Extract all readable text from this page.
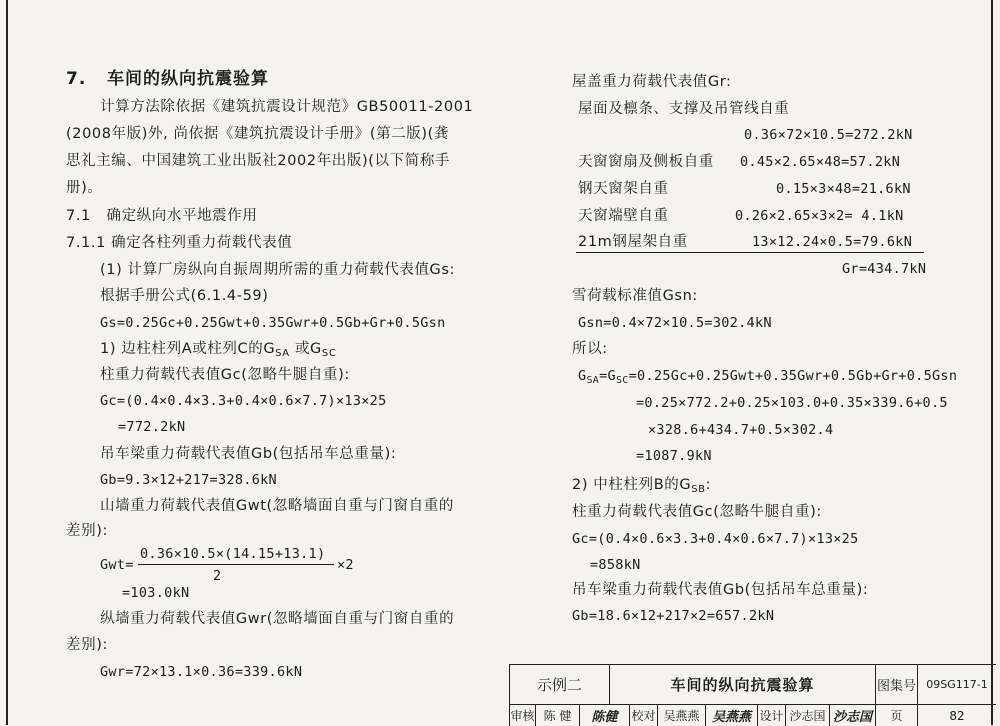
7. 车间的纵向抗震验算
计算方法除依据《建筑抗震设计规范》GB50011-2001
(2008年版)外, 尚依据《建筑抗震设计手册》(第二版)(龚
思礼主编、中国建筑工业出版社2002年出版)(以下简称手
册)。
7.1   确定纵向水平地震作用
7.1.1 确定各柱列重力荷载代表值
(1) 计算厂房纵向自振周期所需的重力荷载代表值Gs:
根据手册公式(6.1.4-59)
Gs=0.25Gc+0.25Gwt+0.35Gwr+0.5Gb+Gr+0.5Gsn
1) 边柱柱列A或柱列C的$G_{SA}$ 或$G_{SC}$
柱重力荷载代表值Gc(忽略牛腿自重):
Gc=(0.4×0.4×3.3+0.4×0.6×7.7)×13×25
=772.2kN
吊车梁重力荷载代表值Gb(包括吊车总重量):
Gb=9.3×12+217=328.6kN
山墙重力荷载代表值Gwt(忽略墙面自重与门窗自重的
差别):
Gwt=
0.36×10.5×(14.15+13.1)
2
×2
=103.0kN
纵墙重力荷载代表值Gwr(忽略墙面自重与门窗自重的
差别):
Gwr=72×13.1×0.36=339.6kN
屋盖重力荷载代表值Gr:
屋面及檩条、支撑及吊管线自重
0.36×72×10.5=272.2kN
天窗窗扇及侧板自重 0.45×2.65×48=57.2kN
钢天窗架自重	0.15×3×48=21.6kN
天窗端壁自重	0.26×2.65×3×2= 4.1kN
21m钢屋架自重	13×12.24×0.5=79.6kN
Gr=434.7kN
雪荷载标准值Gsn:
Gsn=0.4×72×10.5=302.4kN
所以:
$G_{SA}=G_{SC}=0.25Gc+0.25Gwt+0.35Gwr+0.5Gb+Gr+0.5Gsn$
=0.25×772.2+0.25×103.0+0.35×339.6+0.5
×328.6+434.7+0.5×302.4
=1087.9kN
2) 中柱柱列B的$G_{SB}$:
柱重力荷载代表值Gc(忽略牛腿自重):
Gc=(0.4×0.6×3.3+0.4×0.6×7.7)×13×25
=858kN
吊车梁重力荷载代表值Gb(包括吊车总重量):
Gb=18.6×12+217×2=657.2kN
示例二	车间的纵向抗震验算	图集号 09SG117-1
审核 陈 健	陈健	校对 吴燕燕 吴燕燕 设计 沙志国 沙志国	页	82
